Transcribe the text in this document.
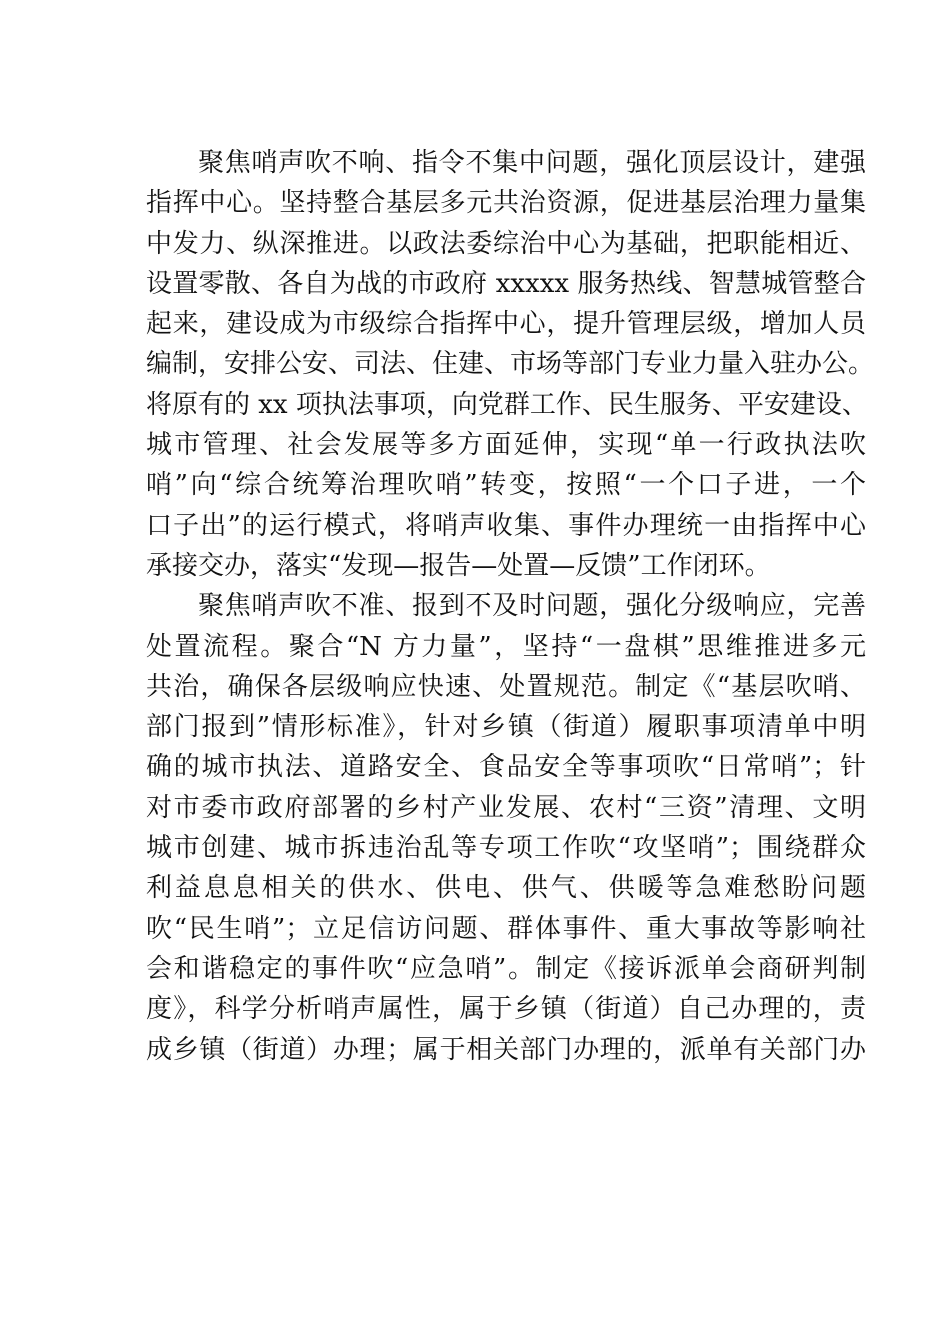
聚焦哨声吹不响、指令不集中问题，强化顶层设计，建强
指挥中心。坚持整合基层多元共治资源，促进基层治理力量集
中发力、纵深推进。以政法委综治中心为基础，把职能相近、
设置零散、各自为战的市政府 xxxxx 服务热线、智慧城管整合
起来，建设成为市级综合指挥中心，提升管理层级，增加人员
编制，安排公安、司法、住建、市场等部门专业力量入驻办公。
将原有的 xx 项执法事项，向党群工作、民生服务、平安建设、
城市管理、社会发展等多方面延伸，实现“单一行政执法吹
哨”向“综合统筹治理吹哨”转变，按照“一个口子进，一个
口子出”的运行模式，将哨声收集、事件办理统一由指挥中心
承接交办，落实“发现—报告—处置—反馈”工作闭环。
聚焦哨声吹不准、报到不及时问题，强化分级响应，完善
处置流程。聚合“N 方力量”，坚持“一盘棋”思维推进多元
共治，确保各层级响应快速、处置规范。制定《“基层吹哨、
部门报到”情形标准》，针对乡镇（街道）履职事项清单中明
确的城市执法、道路安全、食品安全等事项吹“日常哨”；针
对市委市政府部署的乡村产业发展、农村“三资”清理、文明
城市创建、城市拆违治乱等专项工作吹“攻坚哨”；围绕群众
利益息息相关的供水、供电、供气、供暖等急难愁盼问题
吹“民生哨”；立足信访问题、群体事件、重大事故等影响社
会和谐稳定的事件吹“应急哨”。制定《接诉派单会商研判制
度》，科学分析哨声属性，属于乡镇（街道）自己办理的，责
成乡镇（街道）办理；属于相关部门办理的，派单有关部门办
